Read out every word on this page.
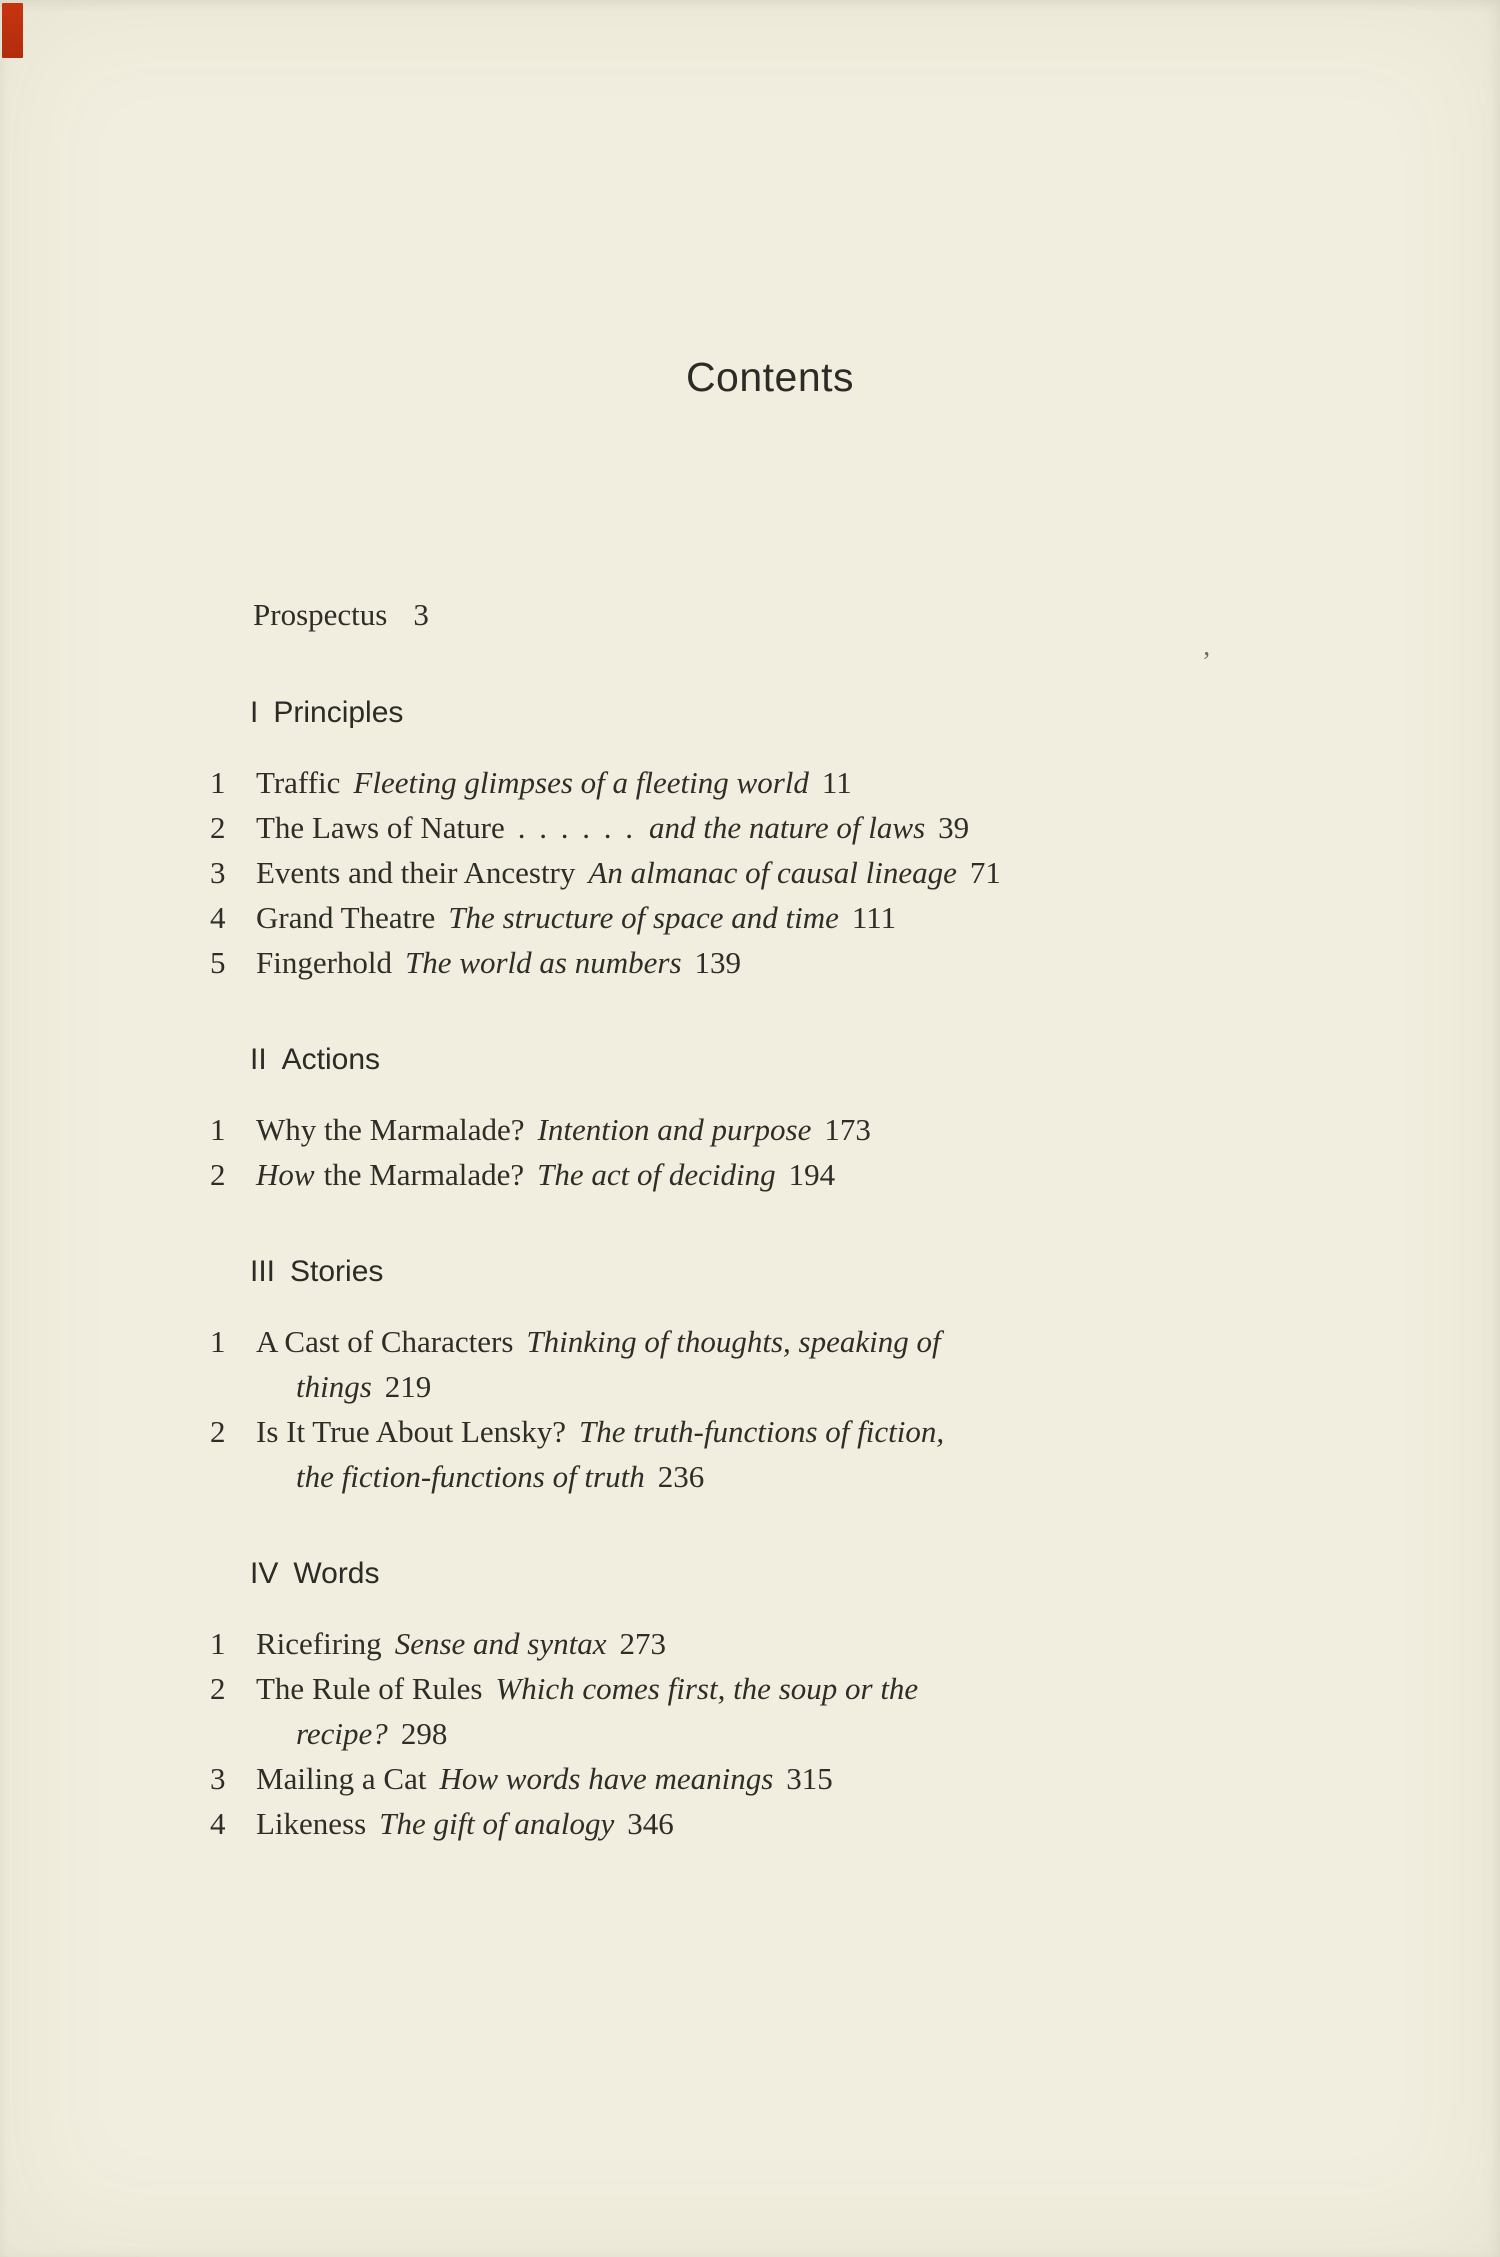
’
Contents
Prospectus 3
I Principles
1 Traffic Fleeting glimpses of a fleeting world 11
2 The Laws of Nature . . . . . . and the nature of laws 39
3 Events and their Ancestry An almanac of causal lineage 71
4 Grand Theatre The structure of space and time 111
5 Fingerhold The world as numbers 139
II Actions
1 Why the Marmalade? Intention and purpose 173
2 How the Marmalade? The act of deciding 194
III Stories
1 A Cast of Characters Thinking of thoughts, speaking of
things 219
2 Is It True About Lensky? The truth-functions of fiction,
the fiction-functions of truth 236
IV Words
1 Ricefiring Sense and syntax 273
2 The Rule of Rules Which comes first, the soup or the
recipe? 298
3 Mailing a Cat How words have meanings 315
4 Likeness The gift of analogy 346
